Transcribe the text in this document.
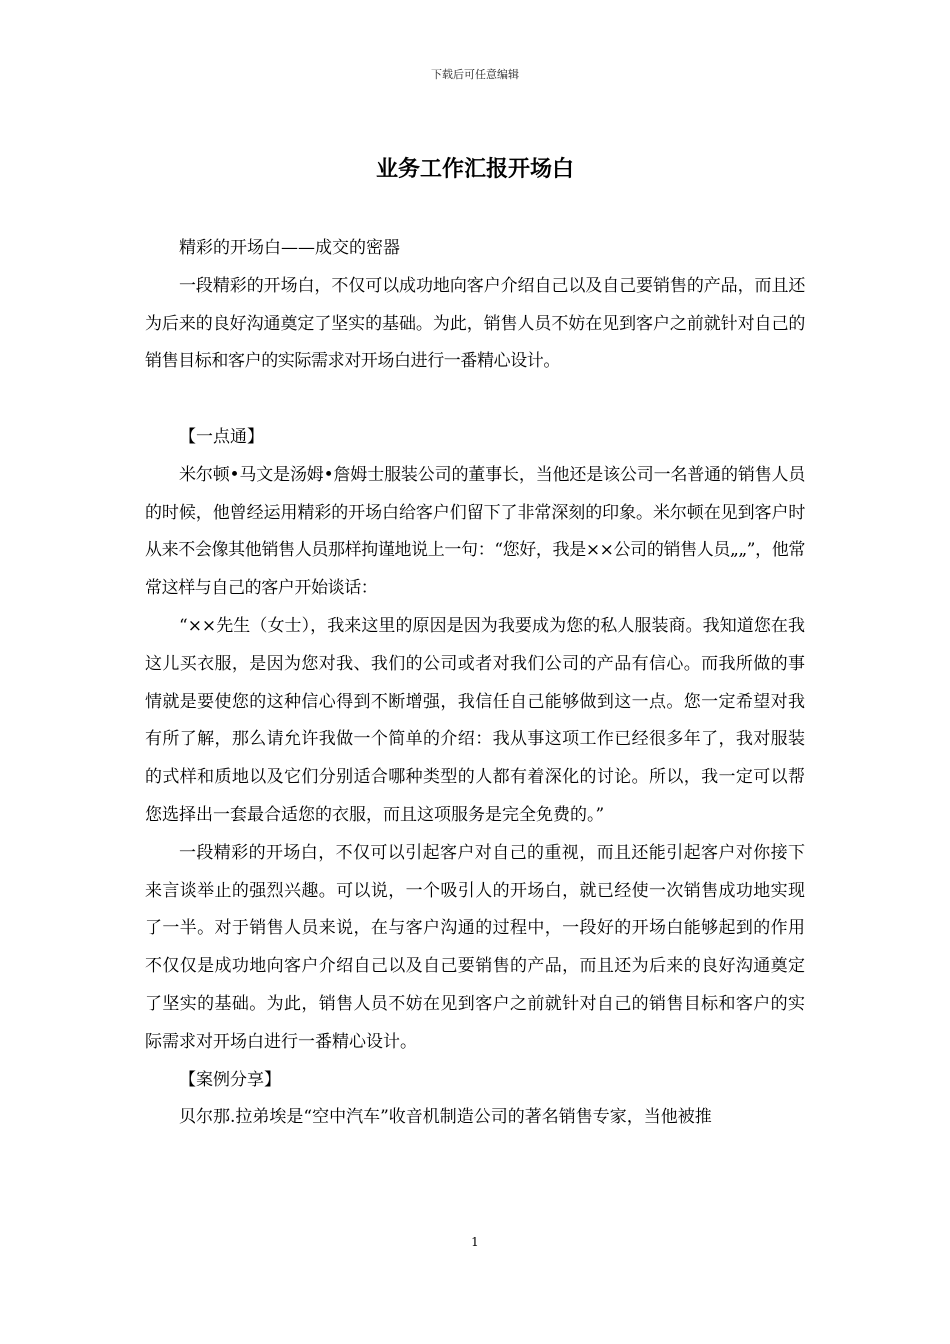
下载后可任意编辑
业务工作汇报开场白

精彩的开场白——成交的密器

一段精彩的开场白，不仅可以成功地向客户介绍自己以及自己要销售的产品，而且还为后来的良好沟通奠定了坚实的基础。为此，销售人员不妨在见到客户之前就针对自己的销售目标和客户的实际需求对开场白进行一番精心设计。

【一点通】

米尔顿•马文是汤姆•詹姆士服装公司的董事长，当他还是该公司一名普通的销售人员的时候，他曾经运用精彩的开场白给客户们留下了非常深刻的印象。米尔顿在见到客户时从来不会像其他销售人员那样拘谨地说上一句：“您好，我是××公司的销售人员„„”，他常常这样与自己的客户开始谈话：

“××先生（女士），我来这里的原因是因为我要成为您的私人服装商。我知道您在我这儿买衣服，是因为您对我、我们的公司或者对我们公司的产品有信心。而我所做的事情就是要使您的这种信心得到不断增强，我信任自己能够做到这一点。您一定希望对我有所了解，那么请允许我做一个简单的介绍：我从事这项工作已经很多年了，我对服装的式样和质地以及它们分别适合哪种类型的人都有着深化的讨论。所以，我一定可以帮您选择出一套最合适您的衣服，而且这项服务是完全免费的。”

一段精彩的开场白，不仅可以引起客户对自己的重视，而且还能引起客户对你接下来言谈举止的强烈兴趣。可以说，一个吸引人的开场白，就已经使一次销售成功地实现了一半。对于销售人员来说，在与客户沟通的过程中，一段好的开场白能够起到的作用不仅仅是成功地向客户介绍自己以及自己要销售的产品，而且还为后来的良好沟通奠定了坚实的基础。为此，销售人员不妨在见到客户之前就针对自己的销售目标和客户的实际需求对开场白进行一番精心设计。

【案例分享】

贝尔那.拉弟埃是“空中汽车”收音机制造公司的著名销售专家，当他被推

1
